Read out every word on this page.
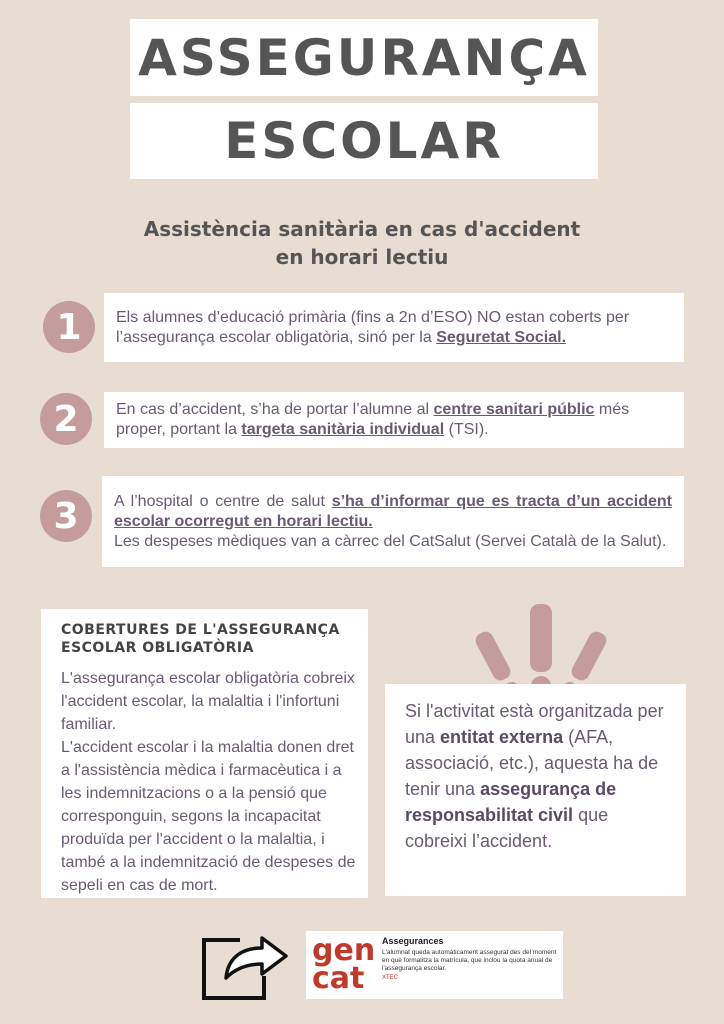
ASSEGURANÇA
ESCOLAR
Assistència sanitària en cas d'accident
en horari lectiu
1	Els alumnes d’educació primària (fins a 2n d’ESO) NO estan coberts per l’assegurança escolar obligatòria, sinó per la Seguretat Social.
2	En cas d’accident, s’ha de portar l’alumne al centre sanitari públic més proper, portant la targeta sanitària individual (TSI).
3	A l’hospital o centre de salut s’ha d’informar que es tracta d’un accident escolar ocorregut en horari lectiu.
Les despeses mèdiques van a càrrec del CatSalut (Servei Català de la Salut).
COBERTURES DE L'ASSEGURANÇA ESCOLAR OBLIGATÒRIA
L'assegurança escolar obligatòria cobreix l'accident escolar, la malaltia i l'infortuni familiar.
L'accident escolar i la malaltia donen dret a l'assistència mèdica i farmacèutica i a les indemnitzacions o a la pensió que corresponguin, segons la incapacitat produïda per l'accident o la malaltia, i també a la indemnització de despeses de sepeli en cas de mort.
Si l'activitat està organitzada per una entitat externa (AFA, associació, etc.), aquesta ha de tenir una assegurança de responsabilitat civil que cobreixi l’accident.
gen
cat
Assegurances
L'alumnat queda automàticament assegurat des del moment en què formalitza la matrícula, que inclou la quota anual de l'assegurança escolar.
XTEC
